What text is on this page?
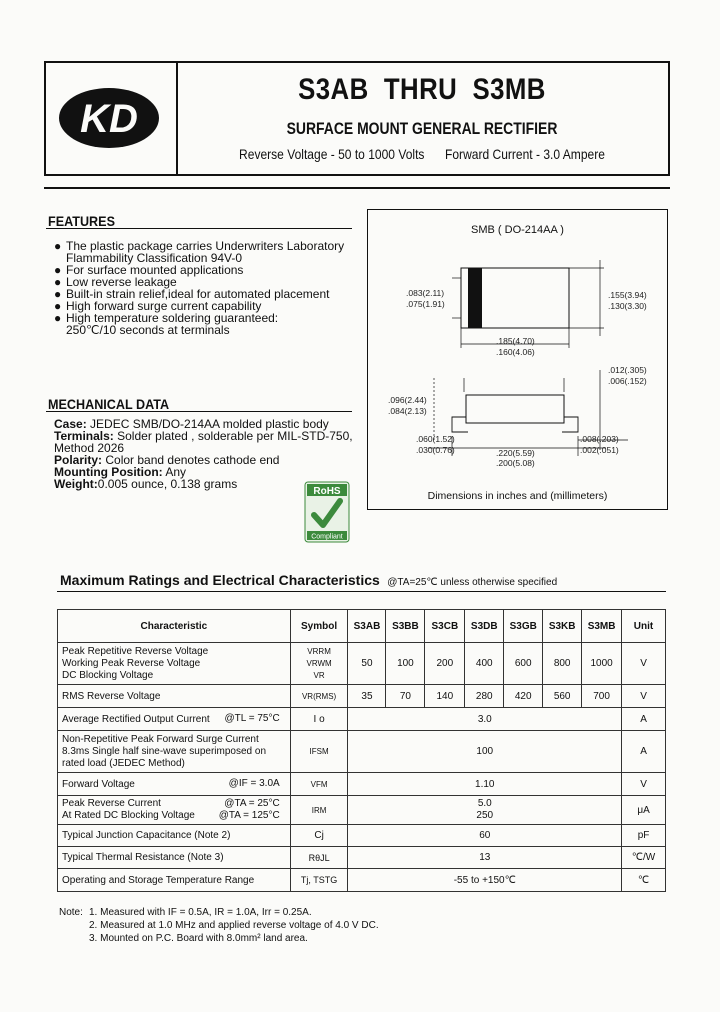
KD
S3AB  THRU  S3MB
SURFACE MOUNT GENERAL RECTIFIER
Reverse Voltage - 50 to 1000 Volts Forward Current - 3.0 Ampere
FEATURES
● The plastic package carries Underwriters Laboratory
Flammability Classification 94V-0
● For surface mounted applications
● Low reverse leakage
● Built-in strain relief,ideal for automated placement
● High forward surge current capability
● High temperature soldering guaranteed:
250℃/10 seconds at terminals
MECHANICAL DATA
Case: JEDEC SMB/DO-214AA molded plastic body
Terminals: Solder plated , solderable per MIL-STD-750,
Method 2026
Polarity: Color band denotes cathode end
Mounting Position: Any
Weight:0.005 ounce, 0.138 grams
RoHS
Compliant
SMB ( DO-214AA )
.083(2.11)
.075(1.91)
.155(3.94)
.130(3.30)
.185(4.70)
.160(4.06)
.012(.305)
.006(.152)
.096(2.44)
.084(2.13)
.060(1.52)
.030(0.76)	.220(5.59)
.200(5.08)
.008(.203)
.002(.051)
Dimensions in inches and (millimeters)
Maximum Ratings and Electrical Characteristics @TA=25℃ unless otherwise specified
Characteristic	Symbol	S3AB	S3BB	S3CB	S3DB	S3GB	S3KB	S3MB	Unit

Peak Repetitive Reverse Voltage
Working Peak Reverse Voltage
DC Blocking Voltage	VRRM
VRWM
VR	50	100	200	400	600	800	1000	V
RMS Reverse Voltage	VR(RMS)	35	70	140	280	420	560	700	V
Average Rectified Output Current @TL = 75°C	I o	3.0							A

Non-Repetitive Peak Forward Surge Current
8.3ms Single half sine-wave superimposed on
rated load (JEDEC Method)	IFSM	100							A
Forward Voltage @IF = 3.0A	VFM	1.10							V

Peak Reverse Current
At Rated DC Blocking Voltage
@TA = 25°C
@TA = 125°C	IRM	5.0
250							μA
Typical Junction Capacitance (Note 2)	Cj	60							pF
Typical Thermal Resistance (Note 3)	RθJL	13							℃/W
Operating and Storage Temperature Range	Tj, TSTG	-55 to +150℃							℃
Note: 1. Measured with IF = 0.5A, IR = 1.0A, Irr = 0.25A.
2. Measured at 1.0 MHz and applied reverse voltage of 4.0 V DC.
3. Mounted on P.C. Board with 8.0mm² land area.
